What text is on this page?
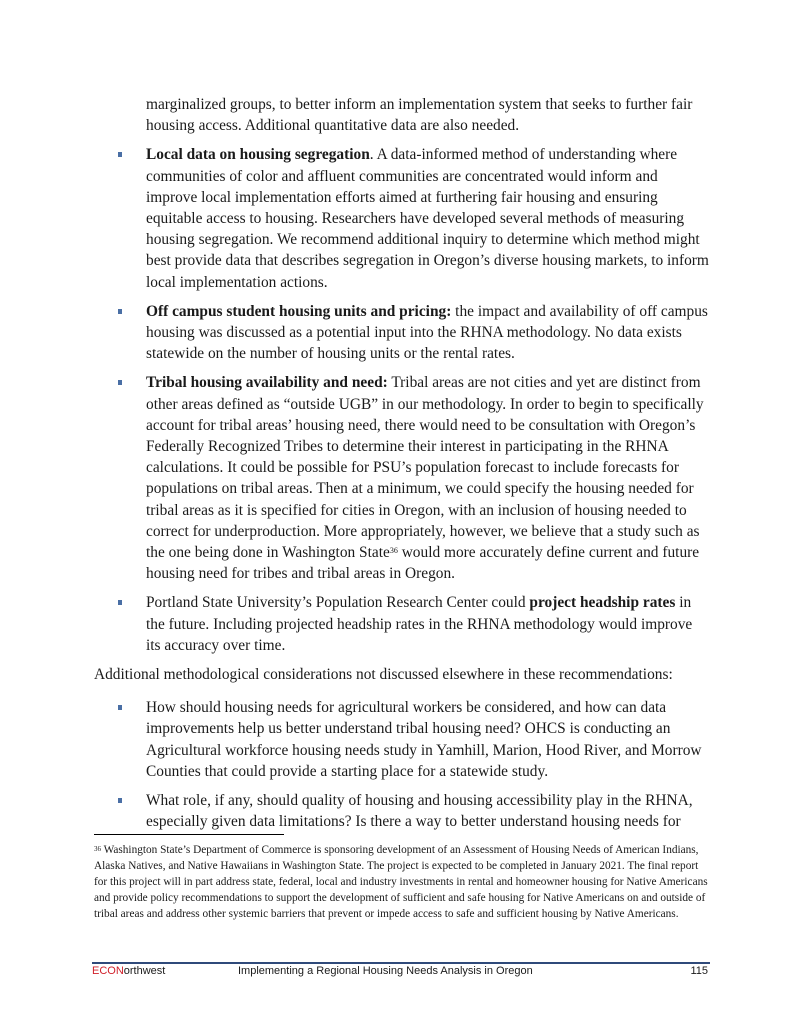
marginalized groups, to better inform an implementation system that seeks to further fair housing access. Additional quantitative data are also needed.

Local data on housing segregation. A data-informed method of understanding where communities of color and affluent communities are concentrated would inform and improve local implementation efforts aimed at furthering fair housing and ensuring equitable access to housing. Researchers have developed several methods of measuring housing segregation. We recommend additional inquiry to determine which method might best provide data that describes segregation in Oregon’s diverse housing markets, to inform local implementation actions.
Off campus student housing units and pricing: the impact and availability of off campus housing was discussed as a potential input into the RHNA methodology. No data exists statewide on the number of housing units or the rental rates.
Tribal housing availability and need: Tribal areas are not cities and yet are distinct from other areas defined as “outside UGB” in our methodology. In order to begin to specifically account for tribal areas’ housing need, there would need to be consultation with Oregon’s Federally Recognized Tribes to determine their interest in participating in the RHNA calculations. It could be possible for PSU’s population forecast to include forecasts for populations on tribal areas. Then at a minimum, we could specify the housing needed for tribal areas as it is specified for cities in Oregon, with an inclusion of housing needed to correct for underproduction. More appropriately, however, we believe that a study such as the one being done in Washington State$^{36}$ would more accurately define current and future housing need for tribes and tribal areas in Oregon.
Portland State University’s Population Research Center could project headship rates in the future. Including projected headship rates in the RHNA methodology would improve its accuracy over time.

Additional methodological considerations not discussed elsewhere in these recommendations:

How should housing needs for agricultural workers be considered, and how can data improvements help us better understand tribal housing need? OHCS is conducting an Agricultural workforce housing needs study in Yamhill, Marion, Hood River, and Morrow Counties that could provide a starting place for a statewide study.
What role, if any, should quality of housing and housing accessibility play in the RHNA, especially given data limitations? Is there a way to better understand housing needs for
$^{36}$ Washington State’s Department of Commerce is sponsoring development of an Assessment of Housing Needs of American Indians, Alaska Natives, and Native Hawaiians in Washington State. The project is expected to be completed in January 2021. The final report for this project will in part address state, federal, local and industry investments in rental and homeowner housing for Native Americans and provide policy recommendations to support the development of sufficient and safe housing for Native Americans on and outside of tribal areas and address other systemic barriers that prevent or impede access to safe and sufficient housing by Native Americans.
ECONorthwest	Implementing a Regional Housing Needs Analysis in Oregon	115
